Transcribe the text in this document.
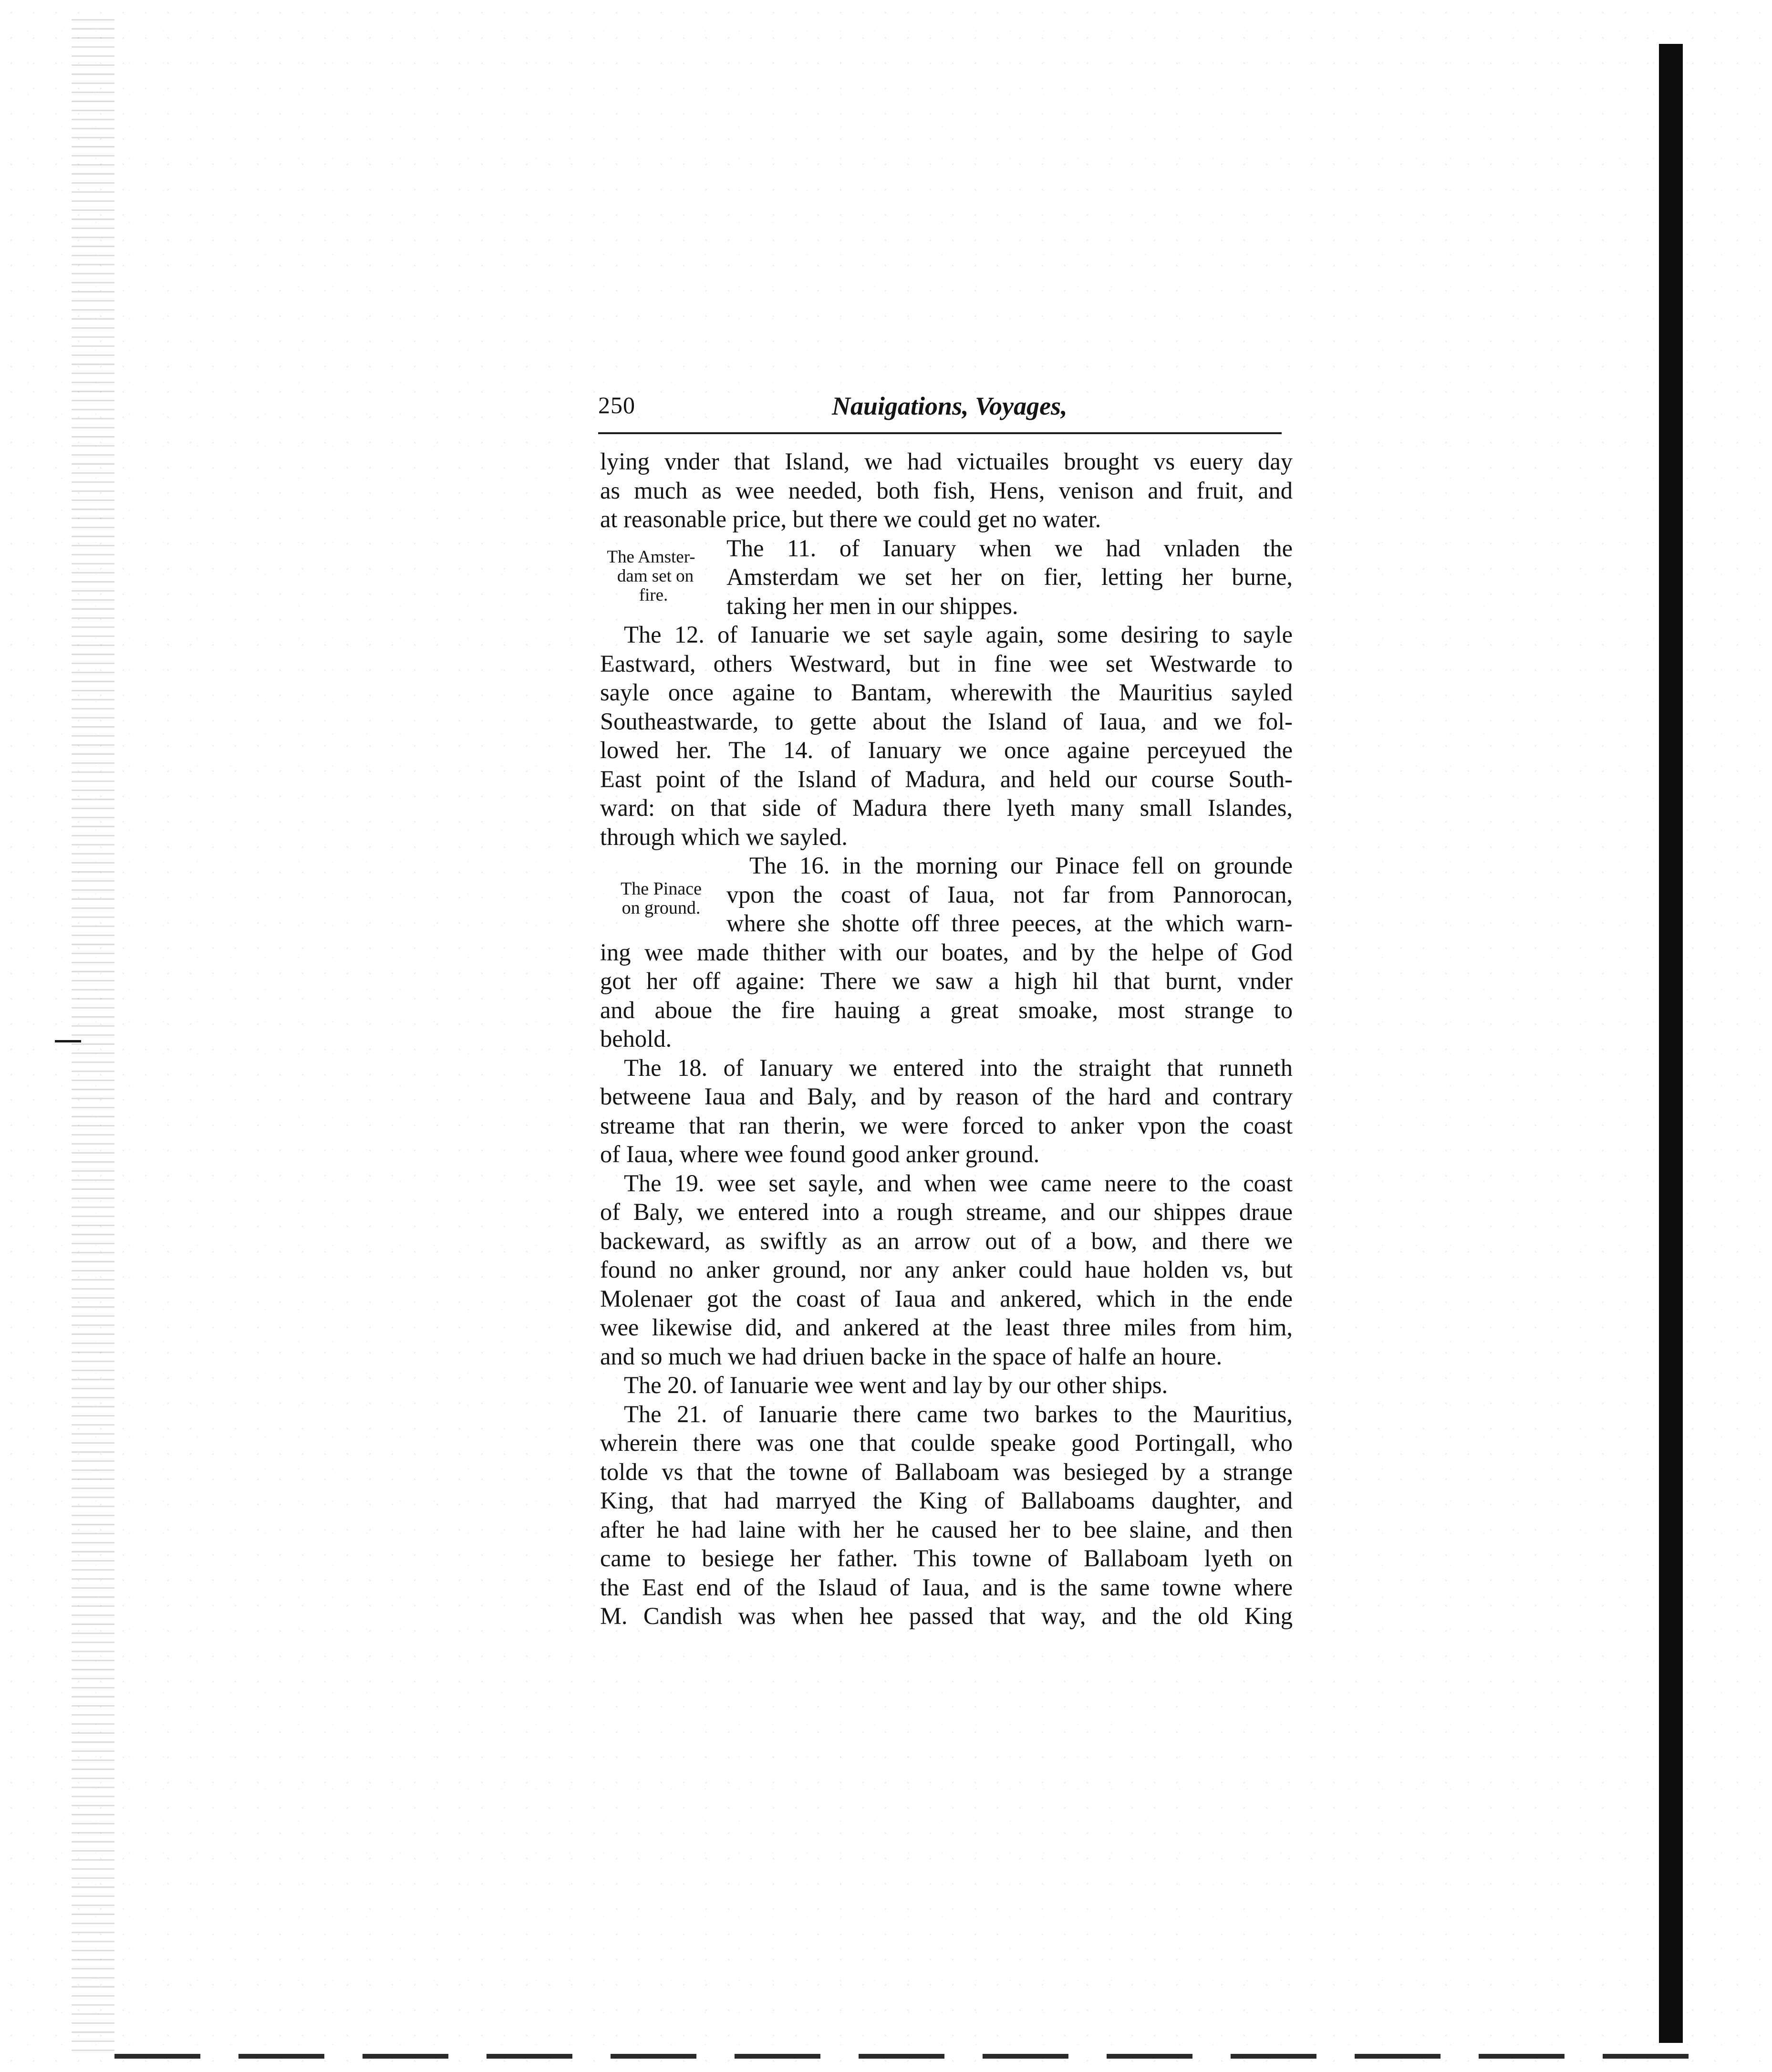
250	Nauigations, Voyages,
The Amster-
dam set on
fire.
The Pinace
on ground.
lying vnder that Island, we had victuailes brought vs euery day
as much as wee needed, both fish, Hens, venison and fruit, and
at reasonable price, but there we could get no water.
The 11. of Ianuary when we had vnladen the
Amsterdam we set her on fier, letting her burne,
taking her men in our shippes.
The 12. of Ianuarie we set sayle again, some desiring to sayle
Eastward, others Westward, but in fine wee set Westwarde to
sayle once againe to Bantam, wherewith the Mauritius sayled
Southeastwarde, to gette about the Island of Iaua, and we fol-
lowed her. The 14. of Ianuary we once againe perceyued the
East point of the Island of Madura, and held our course South-
ward: on that side of Madura there lyeth many small Islandes,
through which we sayled.
The 16. in the morning our Pinace fell on grounde
vpon the coast of Iaua, not far from Pannorocan,
where she shotte off three peeces, at the which warn-
ing wee made thither with our boates, and by the helpe of God
got her off againe: There we saw a high hil that burnt, vnder
and aboue the fire hauing a great smoake, most strange to
behold.
The 18. of Ianuary we entered into the straight that runneth
betweene Iaua and Baly, and by reason of the hard and contrary
streame that ran therin, we were forced to anker vpon the coast
of Iaua, where wee found good anker ground.
The 19. wee set sayle, and when wee came neere to the coast
of Baly, we entered into a rough streame, and our shippes draue
backeward, as swiftly as an arrow out of a bow, and there we
found no anker ground, nor any anker could haue holden vs, but
Molenaer got the coast of Iaua and ankered, which in the ende
wee likewise did, and ankered at the least three miles from him,
and so much we had driuen backe in the space of halfe an houre.
The 20. of Ianuarie wee went and lay by our other ships.
The 21. of Ianuarie there came two barkes to the Mauritius,
wherein there was one that coulde speake good Portingall, who
tolde vs that the towne of Ballaboam was besieged by a strange
King, that had marryed the King of Ballaboams daughter, and
after he had laine with her he caused her to bee slaine, and then
came to besiege her father. This towne of Ballaboam lyeth on
the East end of the Islaud of Iaua, and is the same towne where
M. Candish was when hee passed that way, and the old King
